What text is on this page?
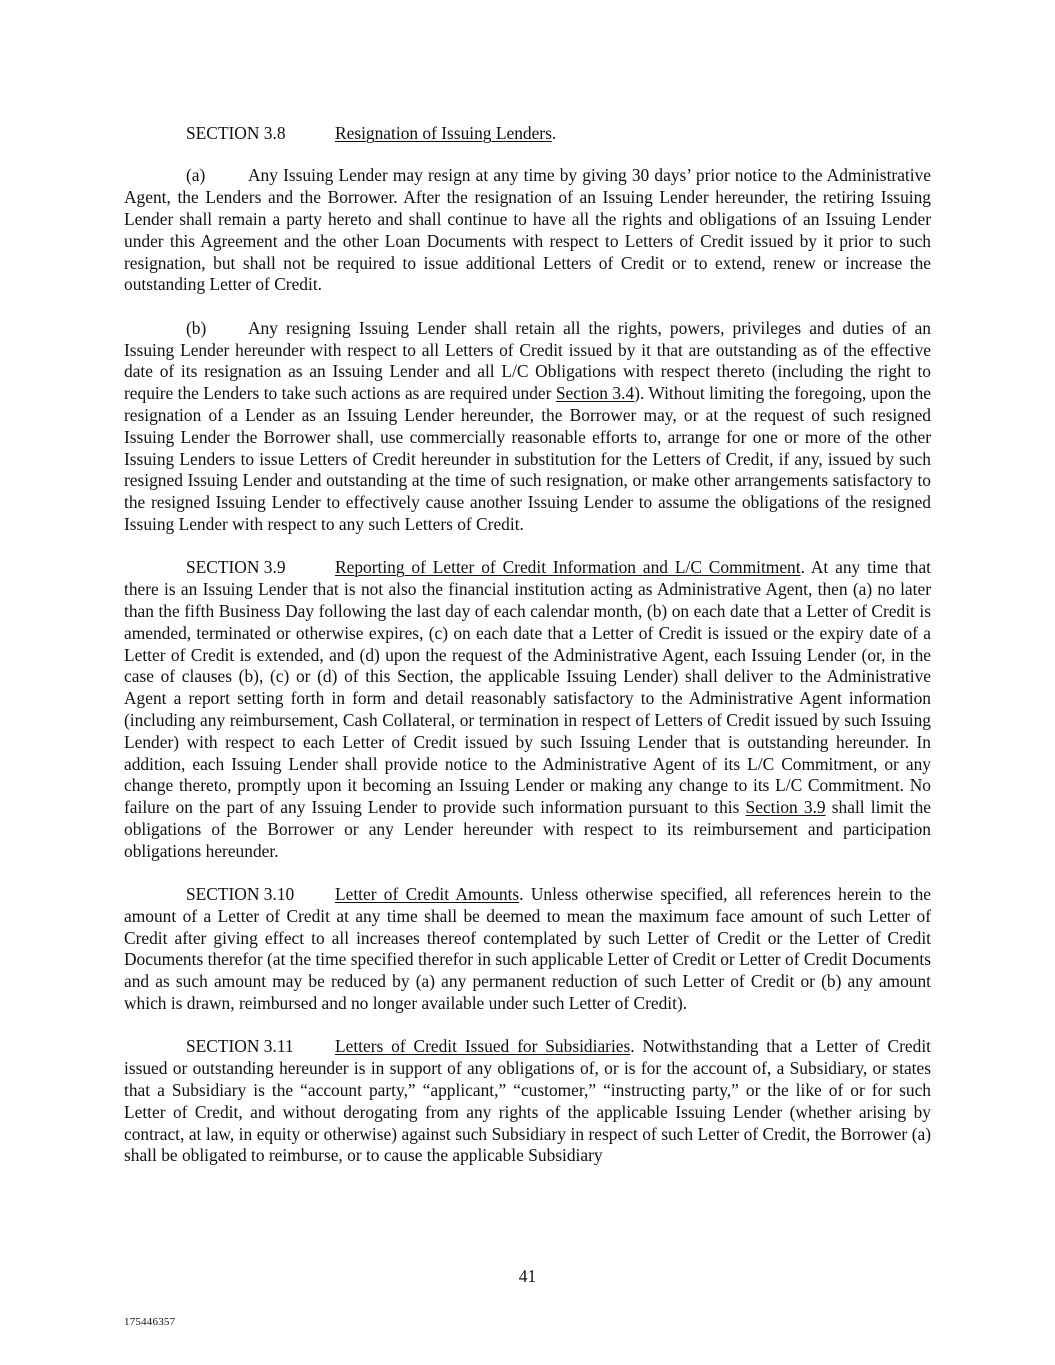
SECTION 3.8	Resignation of Issuing Lenders.

(a) Any Issuing Lender may resign at any time by giving 30 days’ prior notice to the Administrative Agent, the Lenders and the Borrower. After the resignation of an Issuing Lender hereunder, the retiring Issuing Lender shall remain a party hereto and shall continue to have all the rights and obligations of an Issuing Lender under this Agreement and the other Loan Documents with respect to Letters of Credit issued by it prior to such resignation, but shall not be required to issue additional Letters of Credit or to extend, renew or increase the outstanding Letter of Credit.

(b) Any resigning Issuing Lender shall retain all the rights, powers, privileges and duties of an Issuing Lender hereunder with respect to all Letters of Credit issued by it that are outstanding as of the effective date of its resignation as an Issuing Lender and all L/C Obligations with respect thereto (including the right to require the Lenders to take such actions as are required under Section 3.4). Without limiting the foregoing, upon the resignation of a Lender as an Issuing Lender hereunder, the Borrower may, or at the request of such resigned Issuing Lender the Borrower shall, use commercially reasonable efforts to, arrange for one or more of the other Issuing Lenders to issue Letters of Credit hereunder in substitution for the Letters of Credit, if any, issued by such resigned Issuing Lender and outstanding at the time of such resignation, or make other arrangements satisfactory to the resigned Issuing Lender to effectively cause another Issuing Lender to assume the obligations of the resigned Issuing Lender with respect to any such Letters of Credit.

SECTION 3.9	Reporting of Letter of Credit Information and L/C Commitment. At any time that there is an Issuing Lender that is not also the financial institution acting as Administrative Agent, then (a) no later than the fifth Business Day following the last day of each calendar month, (b) on each date that a Letter of Credit is amended, terminated or otherwise expires, (c) on each date that a Letter of Credit is issued or the expiry date of a Letter of Credit is extended, and (d) upon the request of the Administrative Agent, each Issuing Lender (or, in the case of clauses (b), (c) or (d) of this Section, the applicable Issuing Lender) shall deliver to the Administrative Agent a report setting forth in form and detail reasonably satisfactory to the Administrative Agent information (including any reimbursement, Cash Collateral, or termination in respect of Letters of Credit issued by such Issuing Lender) with respect to each Letter of Credit issued by such Issuing Lender that is outstanding hereunder. In addition, each Issuing Lender shall provide notice to the Administrative Agent of its L/C Commitment, or any change thereto, promptly upon it becoming an Issuing Lender or making any change to its L/C Commitment. No failure on the part of any Issuing Lender to provide such information pursuant to this Section 3.9 shall limit the obligations of the Borrower or any Lender hereunder with respect to its reimbursement and participation obligations hereunder.

SECTION 3.10 Letter of Credit Amounts. Unless otherwise specified, all references herein to the amount of a Letter of Credit at any time shall be deemed to mean the maximum face amount of such Letter of Credit after giving effect to all increases thereof contemplated by such Letter of Credit or the Letter of Credit Documents therefor (at the time specified therefor in such applicable Letter of Credit or Letter of Credit Documents and as such amount may be reduced by (a) any permanent reduction of such Letter of Credit or (b) any amount which is drawn, reimbursed and no longer available under such Letter of Credit).

SECTION 3.11 Letters of Credit Issued for Subsidiaries. Notwithstanding that a Letter of Credit issued or outstanding hereunder is in support of any obligations of, or is for the account of, a Subsidiary, or states that a Subsidiary is the “account party,” “applicant,” “customer,” “instructing party,” or the like of or for such Letter of Credit, and without derogating from any rights of the applicable Issuing Lender (whether arising by contract, at law, in equity or otherwise) against such Subsidiary in respect of such Letter of Credit, the Borrower (a) shall be obligated to reimburse, or to cause the applicable Subsidiary

41
175446357
